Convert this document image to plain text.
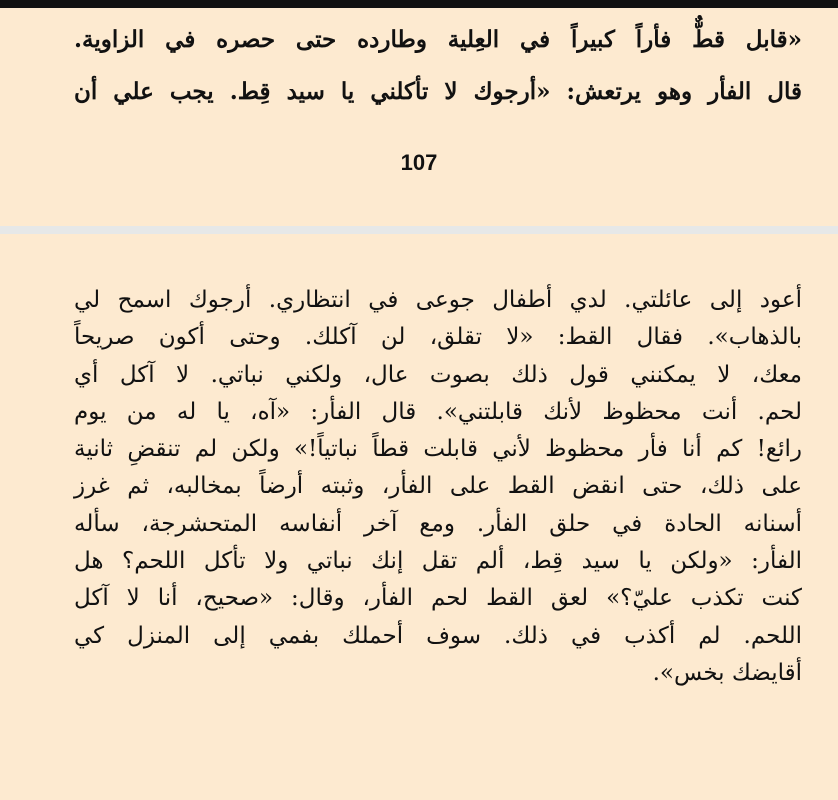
«قابل قطٌّ فأراً كبيراً في العِلية وطارده حتى حصره في الزاوية.
قال الفأر وهو يرتعش: «أرجوك لا تأكلني يا سيد قِط. يجب علي أن
107
أعود إلى عائلتي. لدي أطفال جوعى في انتظاري. أرجوك اسمح لي
بالذهاب». فقال القط: «لا تقلق، لن آكلك. وحتى أكون صريحاً
معك، لا يمكنني قول ذلك بصوت عال، ولكني نباتي. لا آكل أي
لحم. أنت محظوظ لأنك قابلتني». قال الفأر: «آه، يا له من يوم
رائع! كم أنا فأر محظوظ لأني قابلت قطاً نباتياً!» ولكن لم تنقضِ ثانية
على ذلك، حتى انقض القط على الفأر، وثبته أرضاً بمخالبه، ثم غرز
أسنانه الحادة في حلق الفأر. ومع آخر أنفاسه المتحشرجة، سأله
الفأر: «ولكن يا سيد قِط، ألم تقل إنك نباتي ولا تأكل اللحم؟ هل
كنت تكذب عليّ؟» لعق القط لحم الفأر، وقال: «صحيح، أنا لا آكل
اللحم. لم أكذب في ذلك. سوف أحملك بفمي إلى المنزل كي
أقايضك بخس».
